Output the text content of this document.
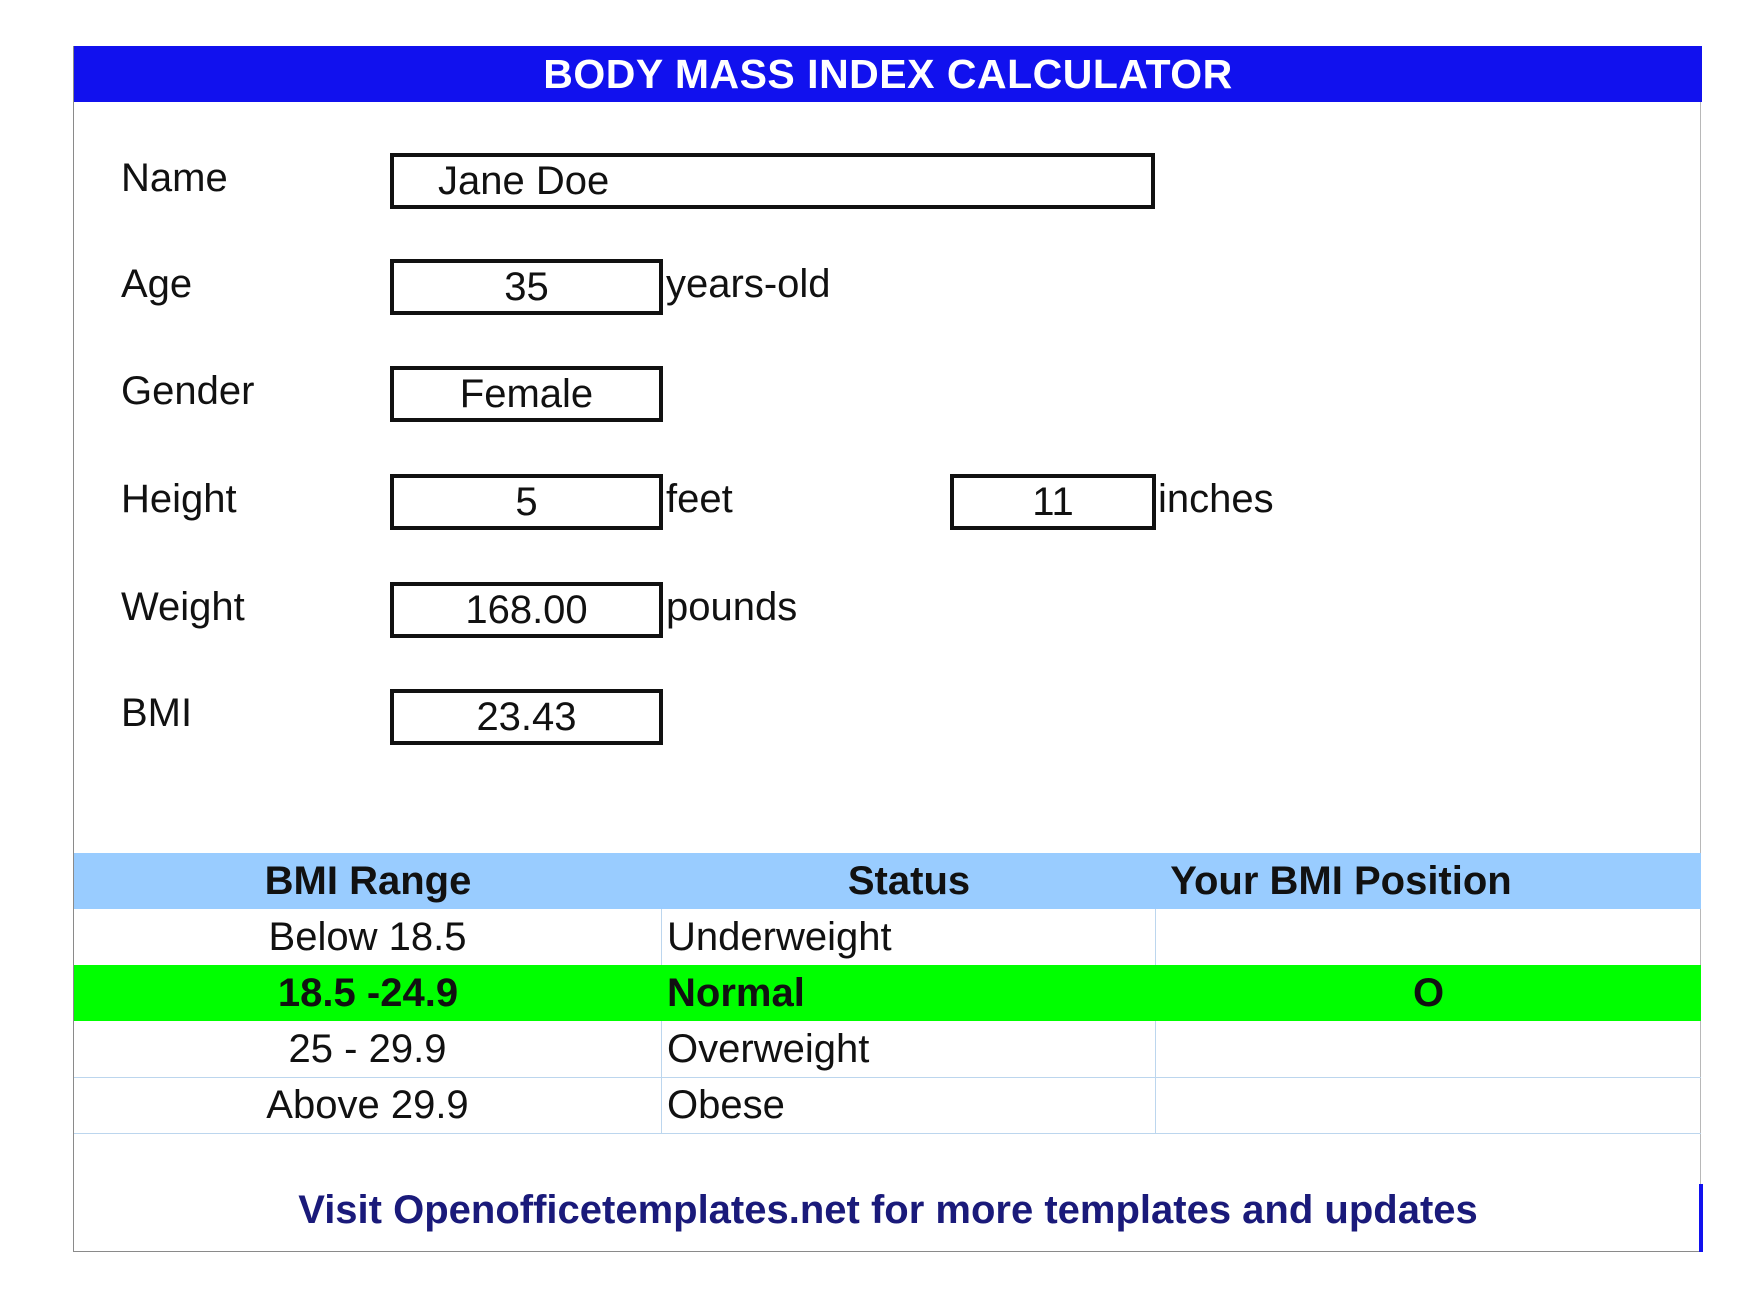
BODY MASS INDEX CALCULATOR
Name	Jane Doe
Age	35	years-old
Gender	Female
Height	5	feet	11	inches
Weight	168.00	pounds
BMI	23.43
BMI Range	Status	Your BMI Position
Below 18.5	Underweight
18.5 -24.9	Normal	O
25 - 29.9	Overweight
Above 29.9	Obese
Visit Openofficetemplates.net for more templates and updates
